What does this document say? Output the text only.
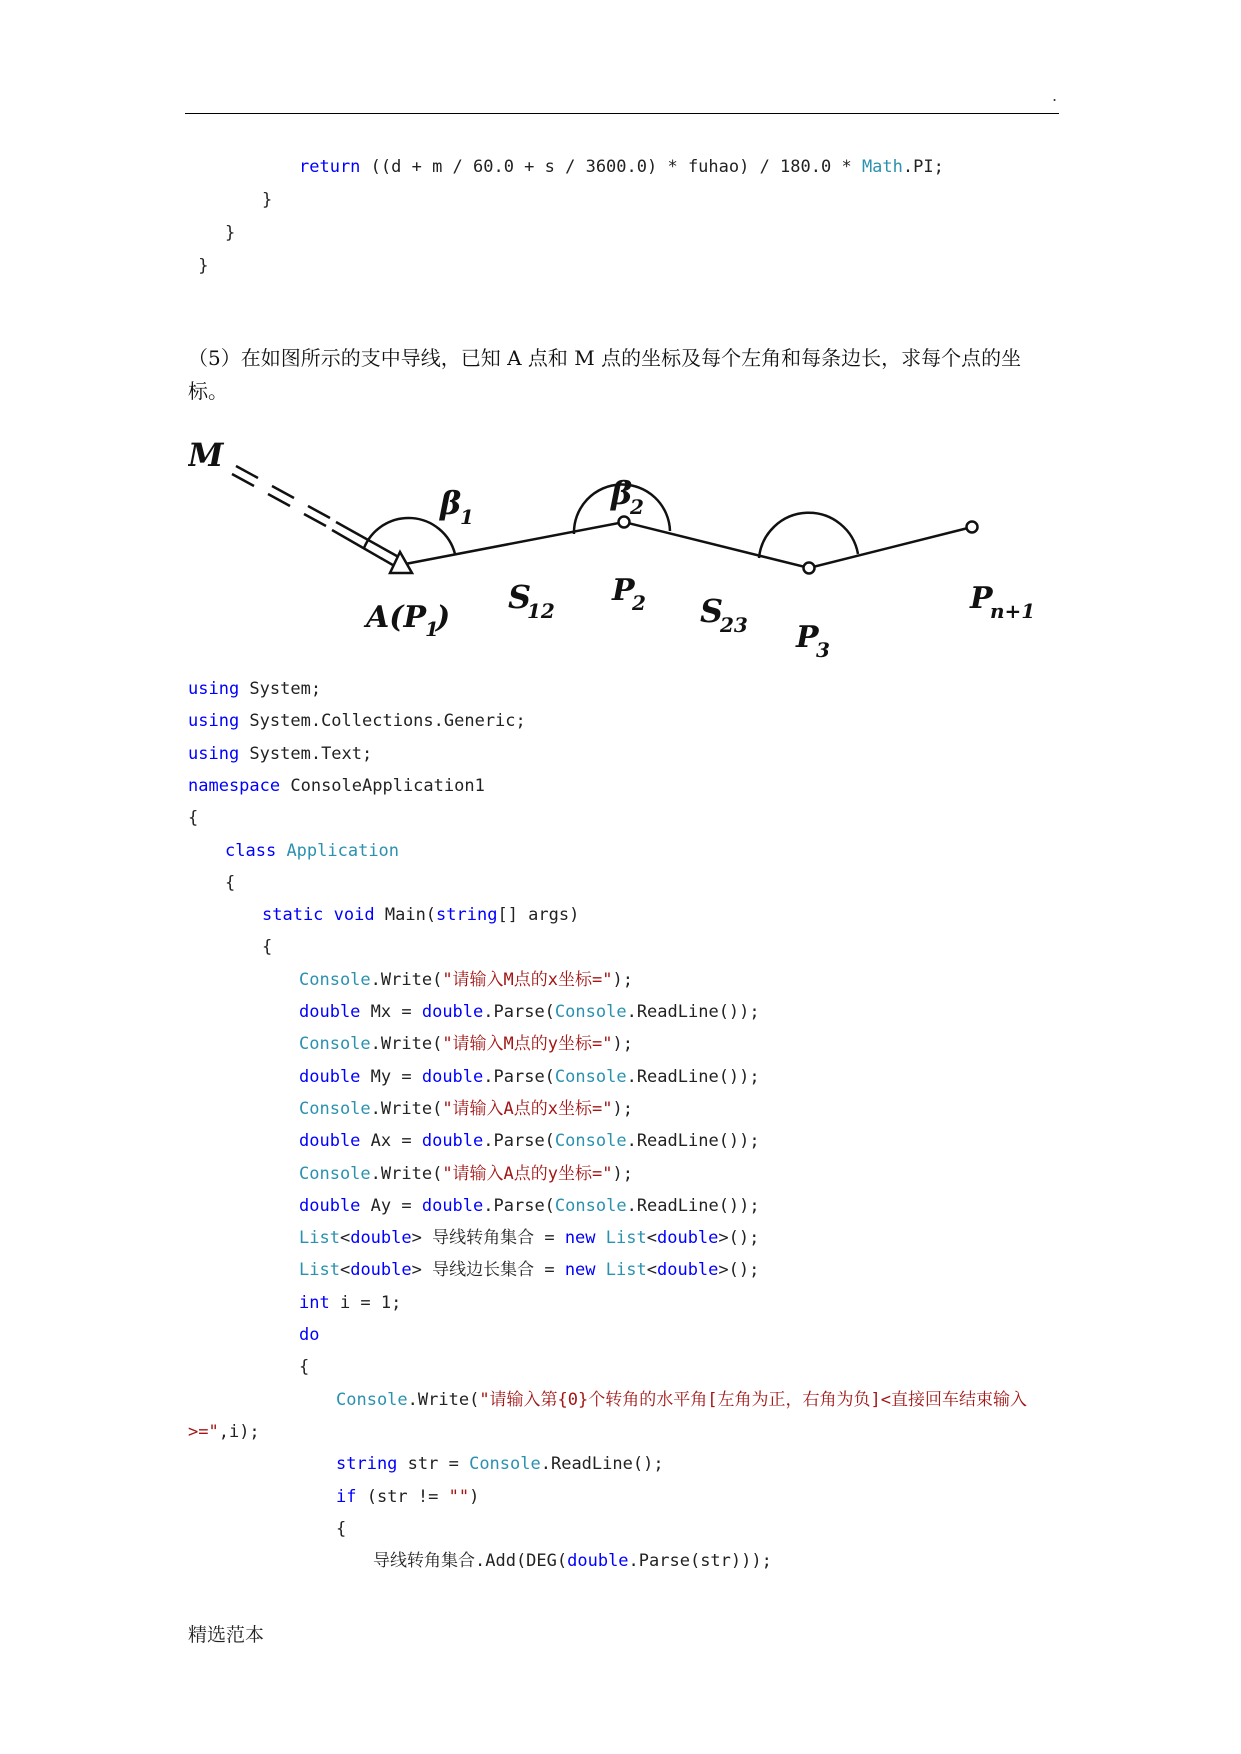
.
return ((d + m / 60.0 + s / 3600.0) * fuhao) / 180.0 * Math.PI;
}
}
}
（5）在如图所示的支中导线，已知 A 点和 M 点的坐标及每个左角和每条边长，求每个点的坐标。
M
β
1
β
2
A(P
1
)
S
12
P
2 S
23 P
3
P
n+1
using System;
using System.Collections.Generic;
using System.Text;
namespace ConsoleApplication1
{
class Application
{
static void Main(string[] args)
{
Console.Write("请输入M点的x坐标=");
double Mx = double.Parse(Console.ReadLine());
Console.Write("请输入M点的y坐标=");
double My = double.Parse(Console.ReadLine());
Console.Write("请输入A点的x坐标=");
double Ax = double.Parse(Console.ReadLine());
Console.Write("请输入A点的y坐标=");
double Ay = double.Parse(Console.ReadLine());
List<double> 导线转角集合 = new List<double>();
List<double> 导线边长集合 = new List<double>();
int i = 1;
do
{
Console.Write("请输入第{0}个转角的水平角[左角为正，右角为负]<直接回车结束输入
>=",i);
string str = Console.ReadLine();
if (str != "")
{
导线转角集合.Add(DEG(double.Parse(str)));
精选范本
